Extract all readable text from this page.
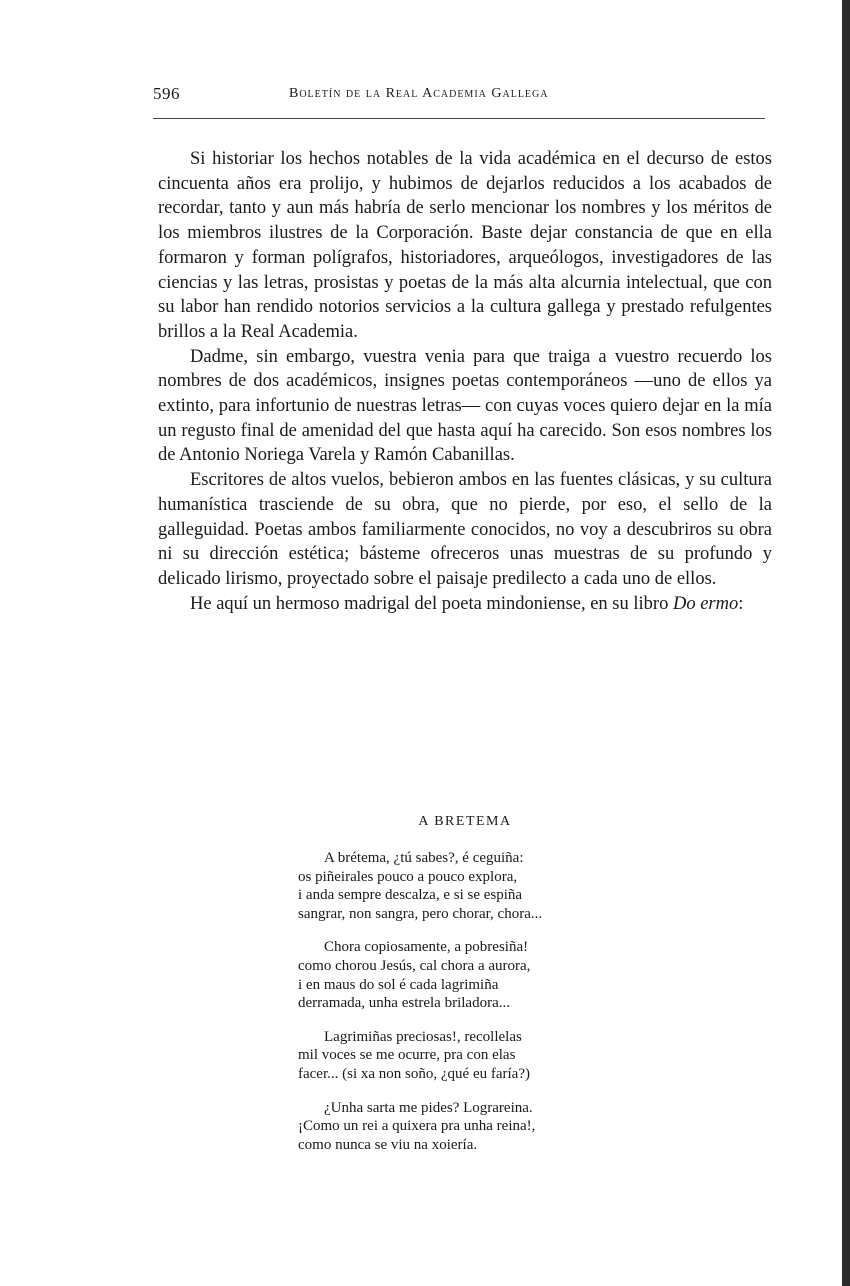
596	Boletín de la Real Academia Gallega

Si historiar los hechos notables de la vida académica en el decurso de estos cincuenta años era prolijo, y hubimos de dejarlos reducidos a los acabados de recordar, tanto y aun más habría de serlo mencionar los nombres y los méritos de los miembros ilustres de la Corporación. Baste dejar constancia de que en ella formaron y forman polígrafos, historiadores, arqueólogos, investigadores de las ciencias y las letras, prosistas y poetas de la más alta alcurnia intelectual, que con su labor han rendido notorios servicios a la cultura gallega y prestado refulgentes brillos a la Real Academia.

Dadme, sin embargo, vuestra venia para que traiga a vuestro recuerdo los nombres de dos académicos, insignes poetas contemporáneos —uno de ellos ya extinto, para infortunio de nuestras letras— con cuyas voces quiero dejar en la mía un regusto final de amenidad del que hasta aquí ha carecido. Son esos nombres los de Antonio Noriega Varela y Ramón Cabanillas.

Escritores de altos vuelos, bebieron ambos en las fuentes clásicas, y su cultura humanística trasciende de su obra, que no pierde, por eso, el sello de la galleguidad. Poetas ambos familiarmente conocidos, no voy a descubriros su obra ni su dirección estética; básteme ofreceros unas muestras de su profundo y delicado lirismo, proyectado sobre el paisaje predilecto a cada uno de ellos.

He aquí un hermoso madrigal del poeta mindoniense, en su libro Do ermo:

A BRETEMA
A brétema, ¿tú sabes?, é ceguiña:
os piñeirales pouco a pouco explora,
i anda sempre descalza, e si se espiña
sangrar, non sangra, pero chorar, chora...
Chora copiosamente, a pobresiña!
como chorou Jesús, cal chora a aurora,
i en maus do sol é cada lagrimiña
derramada, unha estrela briladora...
Lagrimiñas preciosas!, recollelas
mil voces se me ocurre, pra con elas
facer... (si xa non soño, ¿qué eu faría?)
¿Unha sarta me pides? Lograreina.
¡Como un rei a quixera pra unha reina!,
como nunca se viu na xoiería.
